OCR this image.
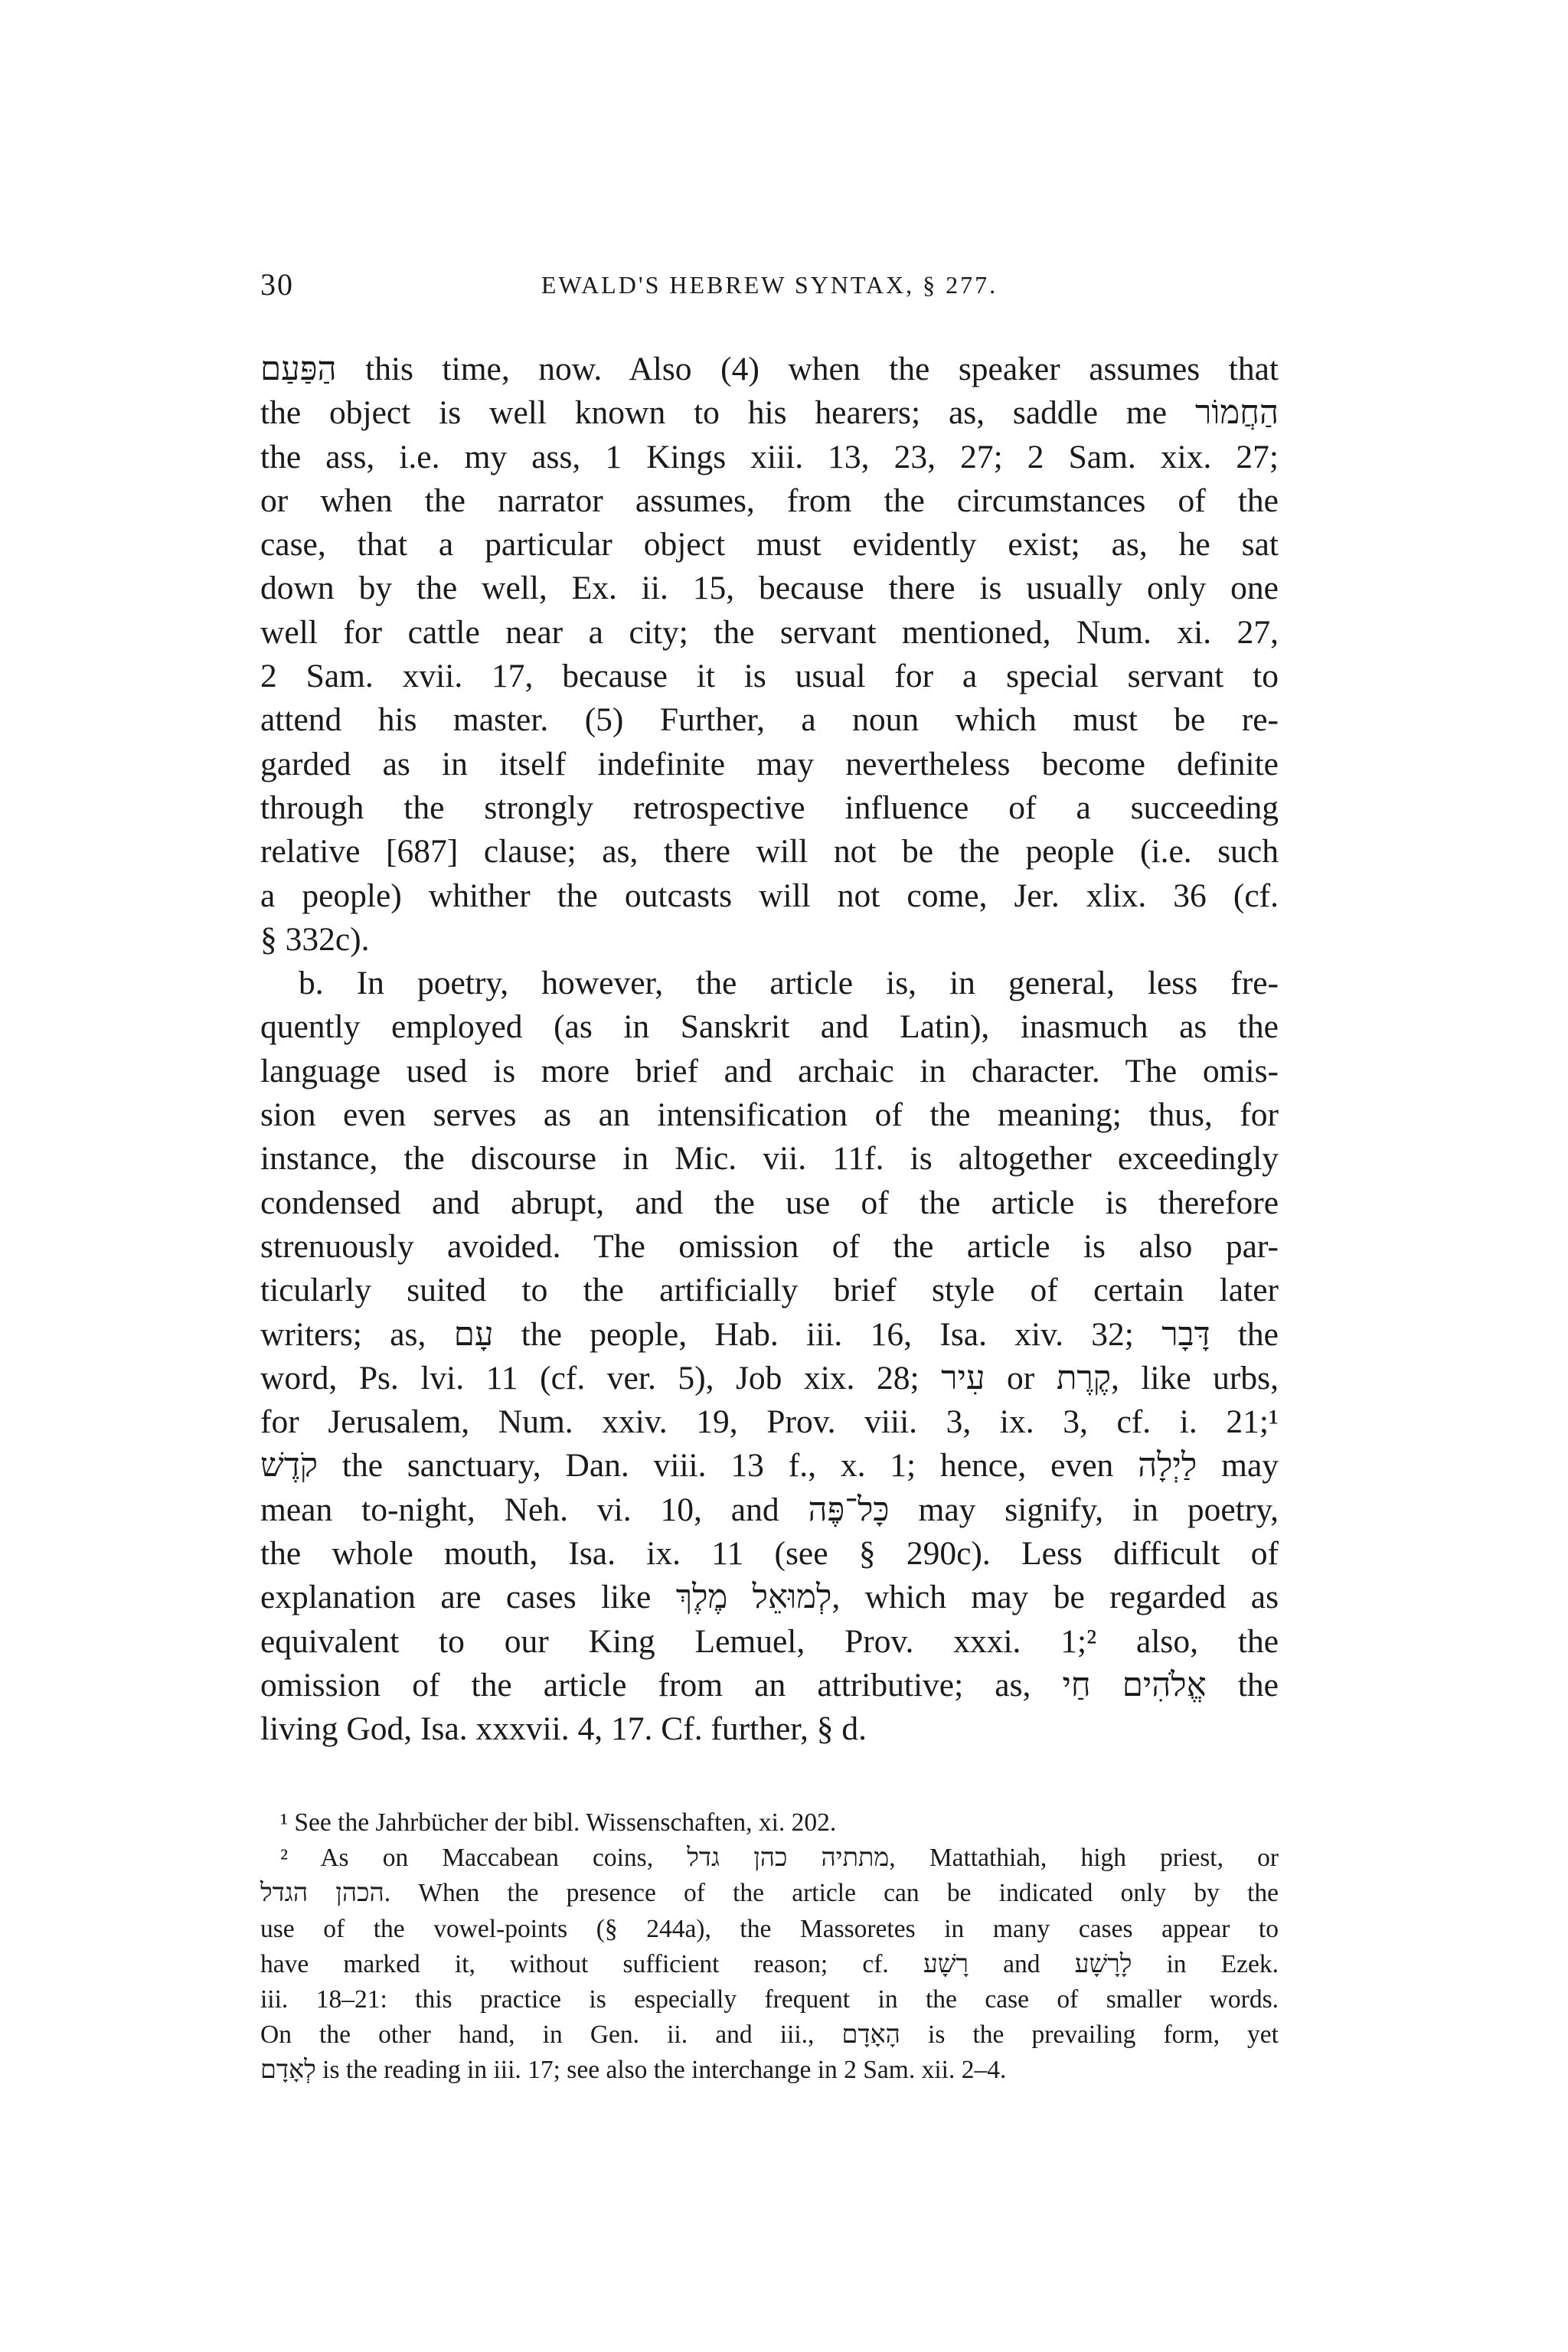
30	EWALD'S HEBREW SYNTAX, § 277.
הַפַּעַם this time, now. Also (4) when the speaker assumes that
the object is well known to his hearers; as, saddle me הַחֲמוֹר
the ass, i.e. my ass, 1 Kings xiii. 13, 23, 27; 2 Sam. xix. 27;
or when the narrator assumes, from the circumstances of the
case, that a particular object must evidently exist; as, he sat
down by the well, Ex. ii. 15, because there is usually only one
well for cattle near a city; the servant mentioned, Num. xi. 27,
2 Sam. xvii. 17, because it is usual for a special servant to
attend his master. (5) Further, a noun which must be re-
garded as in itself indefinite may nevertheless become definite
through the strongly retrospective influence of a succeeding
relative [687] clause; as, there will not be the people (i.e. such
a people) whither the outcasts will not come, Jer. xlix. 36 (cf.
§ 332c).
b. In poetry, however, the article is, in general, less fre-
quently employed (as in Sanskrit and Latin), inasmuch as the
language used is more brief and archaic in character. The omis-
sion even serves as an intensification of the meaning; thus, for
instance, the discourse in Mic. vii. 11f. is altogether exceedingly
condensed and abrupt, and the use of the article is therefore
strenuously avoided. The omission of the article is also par-
ticularly suited to the artificially brief style of certain later
writers; as, עָם the people, Hab. iii. 16, Isa. xiv. 32; דָּבָר the
word, Ps. lvi. 11 (cf. ver. 5), Job xix. 28; עִיר or קֶרֶת, like urbs,
for Jerusalem, Num. xxiv. 19, Prov. viii. 3, ix. 3, cf. i. 21;¹
קֹדֶשׁ the sanctuary, Dan. viii. 13 f., x. 1; hence, even לַיְלָה may
mean to-night, Neh. vi. 10, and כָּל־פֶּה may signify, in poetry,
the whole mouth, Isa. ix. 11 (see § 290c). Less difficult of
explanation are cases like לְמוּאֵל מֶלֶךְ, which may be regarded as
equivalent to our King Lemuel, Prov. xxxi. 1;² also, the
omission of the article from an attributive; as, אֱלֹהִים חַי the
living God, Isa. xxxvii. 4, 17. Cf. further, § d.
¹ See the Jahrbücher der bibl. Wissenschaften, xi. 202.
² As on Maccabean coins, מתתיה כהן גדל, Mattathiah, high priest, or
הכהן הגדל. When the presence of the article can be indicated only by the
use of the vowel-points (§ 244a), the Massoretes in many cases appear to
have marked it, without sufficient reason; cf. רָשָׁע and לָרָשָׁע in Ezek.
iii. 18–21: this practice is especially frequent in the case of smaller words.
On the other hand, in Gen. ii. and iii., הָאָדָם is the prevailing form, yet
לְאָדָם is the reading in iii. 17; see also the interchange in 2 Sam. xii. 2–4.
